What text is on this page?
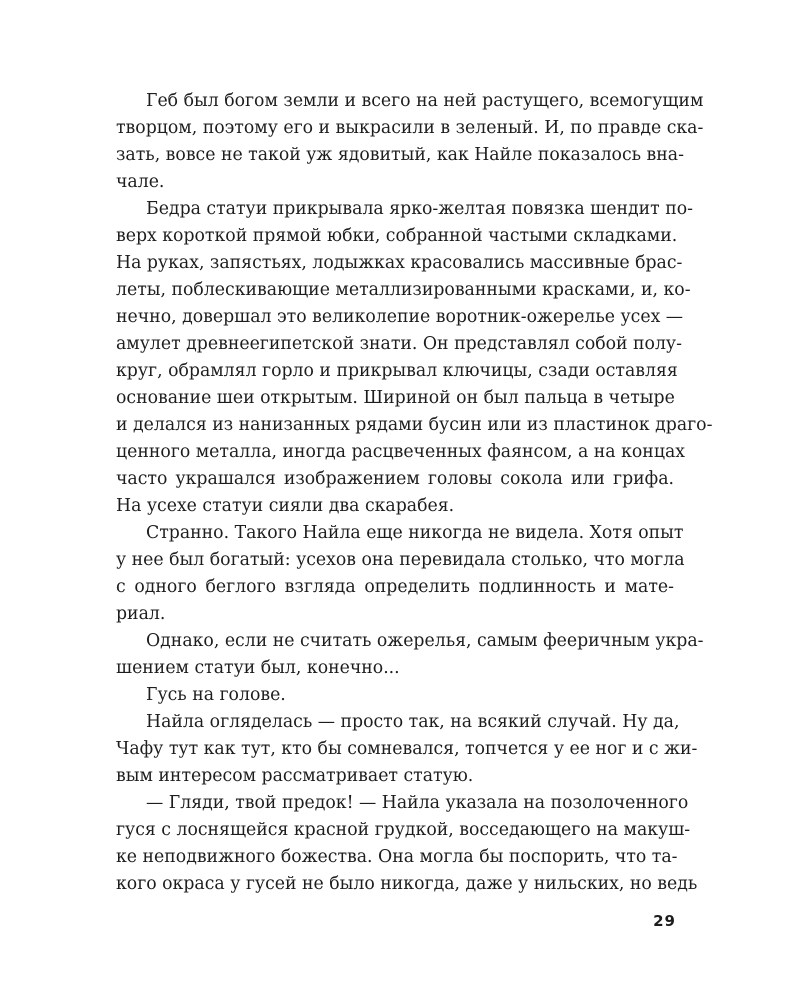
Геб был богом земли и всего на ней растущего, всемогущим
творцом, поэтому его и выкрасили в зеленый. И, по правде ска-
зать, вовсе не такой уж ядовитый, как Найле показалось вна-
чале.
Бедра статуи прикрывала ярко-желтая повязка шендит по-
верх короткой прямой юбки, собранной частыми складками.
На руках, запястьях, лодыжках красовались массивные брас-
леты, поблескивающие металлизированными красками, и, ко-
нечно, довершал это великолепие воротник-ожерелье усех —
амулет древнеегипетской знати. Он представлял собой полу-
круг, обрамлял горло и прикрывал ключицы, сзади оставляя
основание шеи открытым. Шириной он был пальца в четыре
и делался из нанизанных рядами бусин или из пластинок драго-
ценного металла, иногда расцвеченных фаянсом, а на концах
часто украшался изображением головы сокола или грифа.
На усехе статуи сияли два скарабея.
Странно. Такого Найла еще никогда не видела. Хотя опыт
у нее был богатый: усехов она перевидала столько, что могла
с одного беглого взгляда определить подлинность и мате-
риал.
Однако, если не считать ожерелья, самым фееричным укра-
шением статуи был, конечно...
Гусь на голове.
Найла огляделась — просто так, на всякий случай. Ну да,
Чафу тут как тут, кто бы сомневался, топчется у ее ног и с жи-
вым интересом рассматривает статую.
— Гляди, твой предок! — Найла указала на позолоченного
гуся с лоснящейся красной грудкой, восседающего на макуш-
ке неподвижного божества. Она могла бы поспорить, что та-
кого окраса у гусей не было никогда, даже у нильских, но ведь
29
